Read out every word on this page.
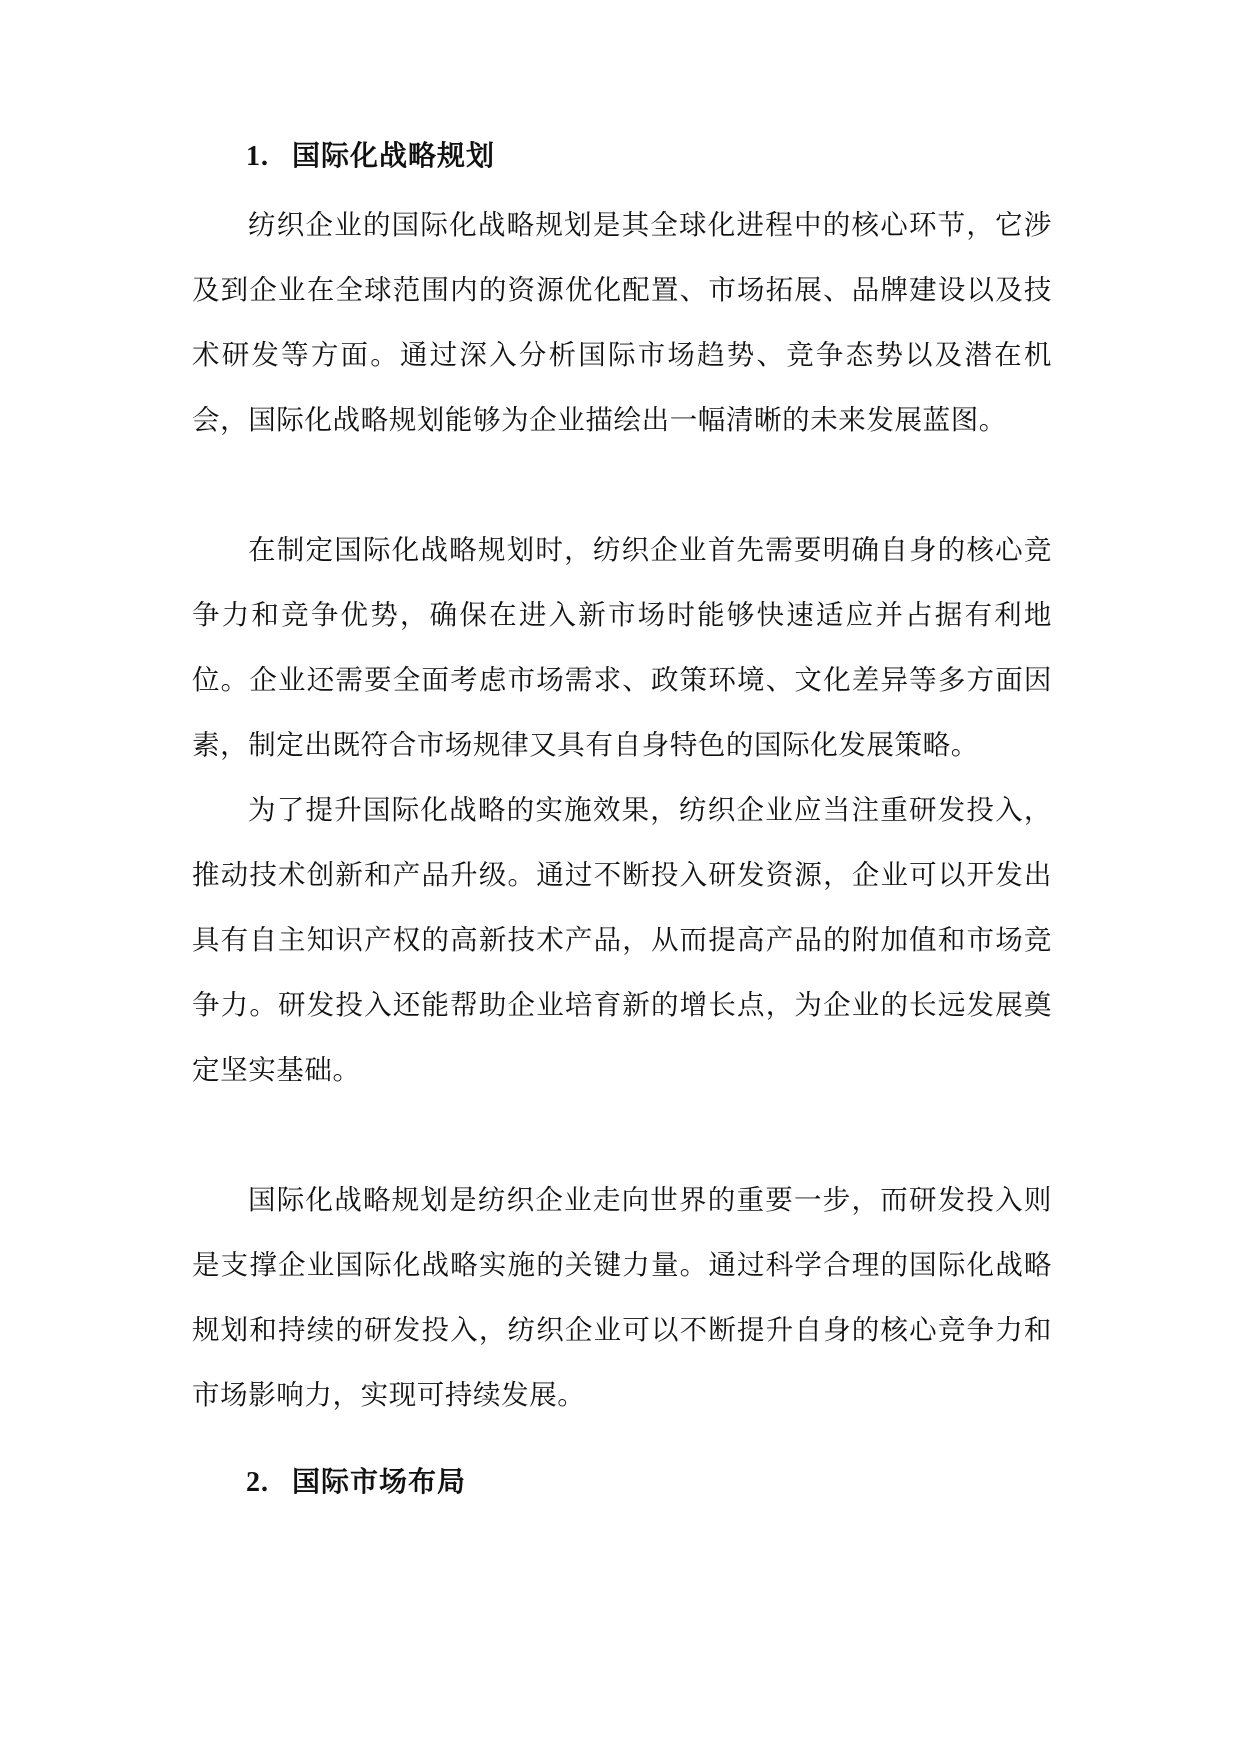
1. 国际化战略规划

纺织企业的国际化战略规划是其全球化进程中的核心环节，它涉及到企业在全球范围内的资源优化配置、市场拓展、品牌建设以及技术研发等方面。通过深入分析国际市场趋势、竞争态势以及潜在机会，国际化战略规划能够为企业描绘出一幅清晰的未来发展蓝图。

在制定国际化战略规划时，纺织企业首先需要明确自身的核心竞争力和竞争优势，确保在进入新市场时能够快速适应并占据有利地位。企业还需要全面考虑市场需求、政策环境、文化差异等多方面因素，制定出既符合市场规律又具有自身特色的国际化发展策略。

为了提升国际化战略的实施效果，纺织企业应当注重研发投入，推动技术创新和产品升级。通过不断投入研发资源，企业可以开发出具有自主知识产权的高新技术产品，从而提高产品的附加值和市场竞争力。研发投入还能帮助企业培育新的增长点，为企业的长远发展奠定坚实基础。

国际化战略规划是纺织企业走向世界的重要一步，而研发投入则是支撑企业国际化战略实施的关键力量。通过科学合理的国际化战略规划和持续的研发投入，纺织企业可以不断提升自身的核心竞争力和市场影响力，实现可持续发展。

2. 国际市场布局
